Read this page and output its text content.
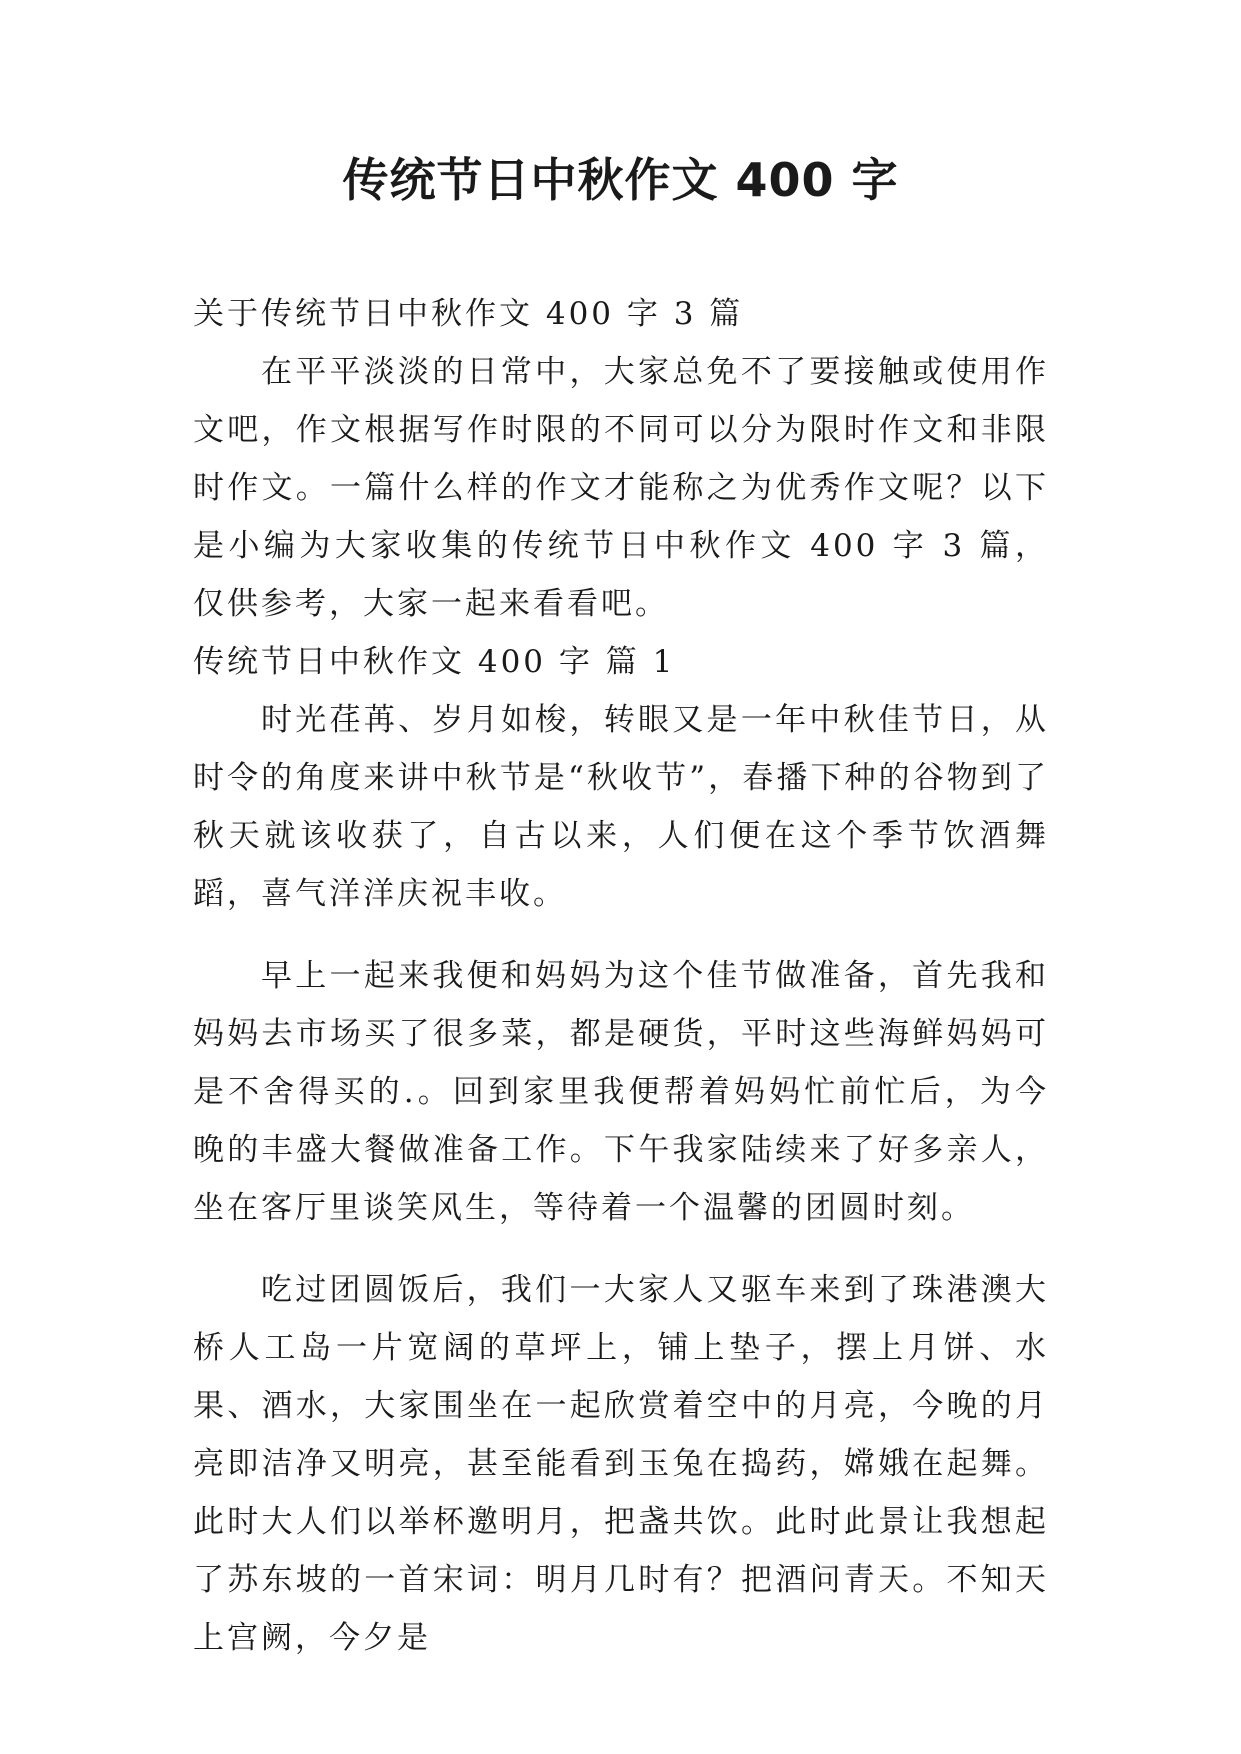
传统节日中秋作文 400 字

关于传统节日中秋作文 400 字 3 篇

在平平淡淡的日常中，大家总免不了要接触或使用作文吧，作文根据写作时限的不同可以分为限时作文和非限时作文。一篇什么样的作文才能称之为优秀作文呢？以下是小编为大家收集的传统节日中秋作文 400 字 3 篇，仅供参考，大家一起来看看吧。

传统节日中秋作文 400 字 篇 1

时光荏苒、岁月如梭，转眼又是一年中秋佳节日，从时令的角度来讲中秋节是“秋收节”，春播下种的谷物到了秋天就该收获了，自古以来，人们便在这个季节饮酒舞蹈，喜气洋洋庆祝丰收。

早上一起来我便和妈妈为这个佳节做准备，首先我和妈妈去市场买了很多菜，都是硬货，平时这些海鲜妈妈可是不舍得买的.。回到家里我便帮着妈妈忙前忙后，为今晚的丰盛大餐做准备工作。下午我家陆续来了好多亲人，坐在客厅里谈笑风生，等待着一个温馨的团圆时刻。

吃过团圆饭后，我们一大家人又驱车来到了珠港澳大桥人工岛一片宽阔的草坪上，铺上垫子，摆上月饼、水果、酒水，大家围坐在一起欣赏着空中的月亮，今晚的月亮即洁净又明亮，甚至能看到玉兔在捣药，嫦娥在起舞。此时大人们以举杯邀明月，把盏共饮。此时此景让我想起了苏东坡的一首宋词：明月几时有？把酒问青天。不知天上宫阙，今夕是
